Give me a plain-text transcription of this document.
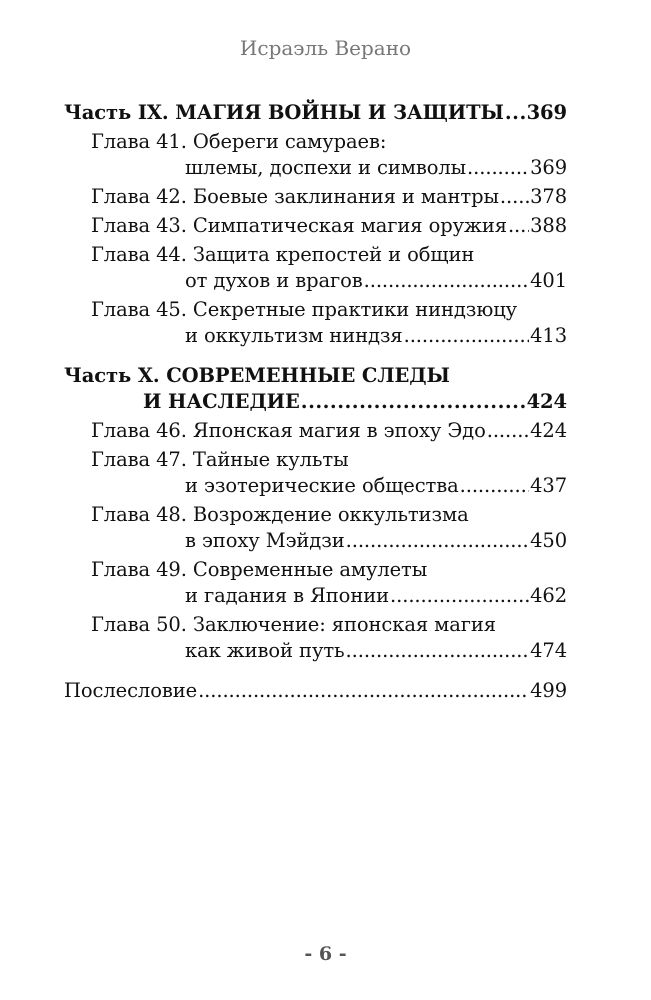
Исраэль Верано
Часть IX. МАГИЯ ВОЙНЫ И ЗАЩИТЫ ..... 369
Глава 41. Обереги самураев:
шлемы, доспехи и символы .....	369
Глава 42. Боевые заклинания и мантры ..... 378
Глава 43. Симпатическая магия оружия ..... 388
Глава 44. Защита крепостей и общин
от духов и врагов .....	401
Глава 45. Секретные практики ниндзюцу
и оккультизм ниндзя .....	413
Часть X. СОВРЕМЕННЫЕ СЛЕДЫ
И НАСЛЕДИЕ .....	424
Глава 46. Японская магия в эпоху Эдо ..... 424
Глава 47. Тайные культы
и эзотерические общества .....	437
Глава 48. Возрождение оккультизма
в эпоху Мэйдзи .....	450
Глава 49. Современные амулеты
и гадания в Японии .....	462
Глава 50. Заключение: японская магия
как живой путь .....	474
Послесловие .....	499
- 6 -
